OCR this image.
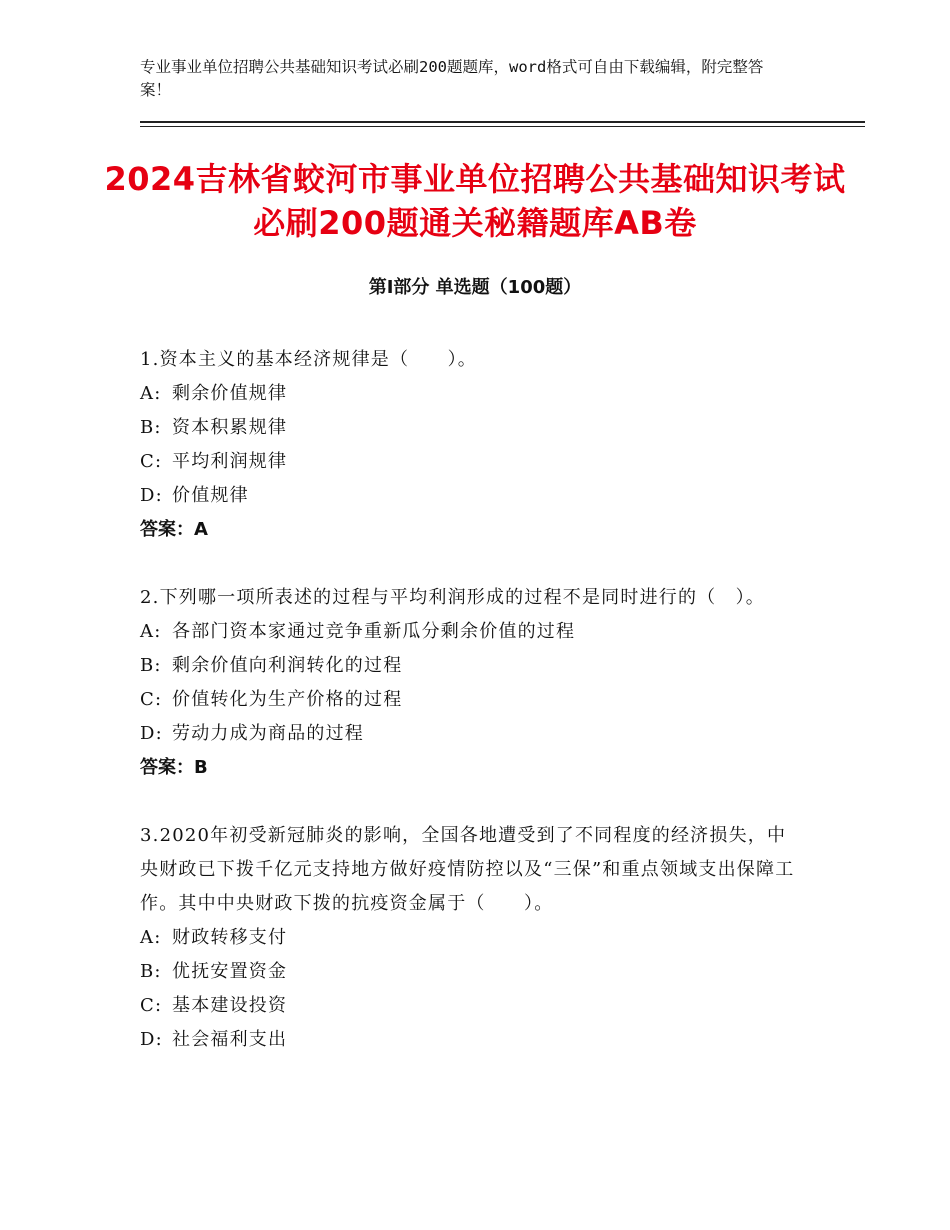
专业事业单位招聘公共基础知识考试必刷200题题库，word格式可自由下载编辑，附完整答案！
2024吉林省蛟河市事业单位招聘公共基础知识考试必刷200题通关秘籍题库AB卷
第Ⅰ部分 单选题（100题）
1.资本主义的基本经济规律是（　　）。
A: 剩余价值规律
B: 资本积累规律
C: 平均利润规律
D: 价值规律
答案：A
2.下列哪一项所表述的过程与平均利润形成的过程不是同时进行的（　）。
A: 各部门资本家通过竞争重新瓜分剩余价值的过程
B: 剩余价值向利润转化的过程
C: 价值转化为生产价格的过程
D: 劳动力成为商品的过程
答案：B
3.2020年初受新冠肺炎的影响，全国各地遭受到了不同程度的经济损失，中央财政已下拨千亿元支持地方做好疫情防控以及“三保”和重点领域支出保障工作。其中中央财政下拨的抗疫资金属于（　　）。
A: 财政转移支付
B: 优抚安置资金
C: 基本建设投资
D: 社会福利支出
